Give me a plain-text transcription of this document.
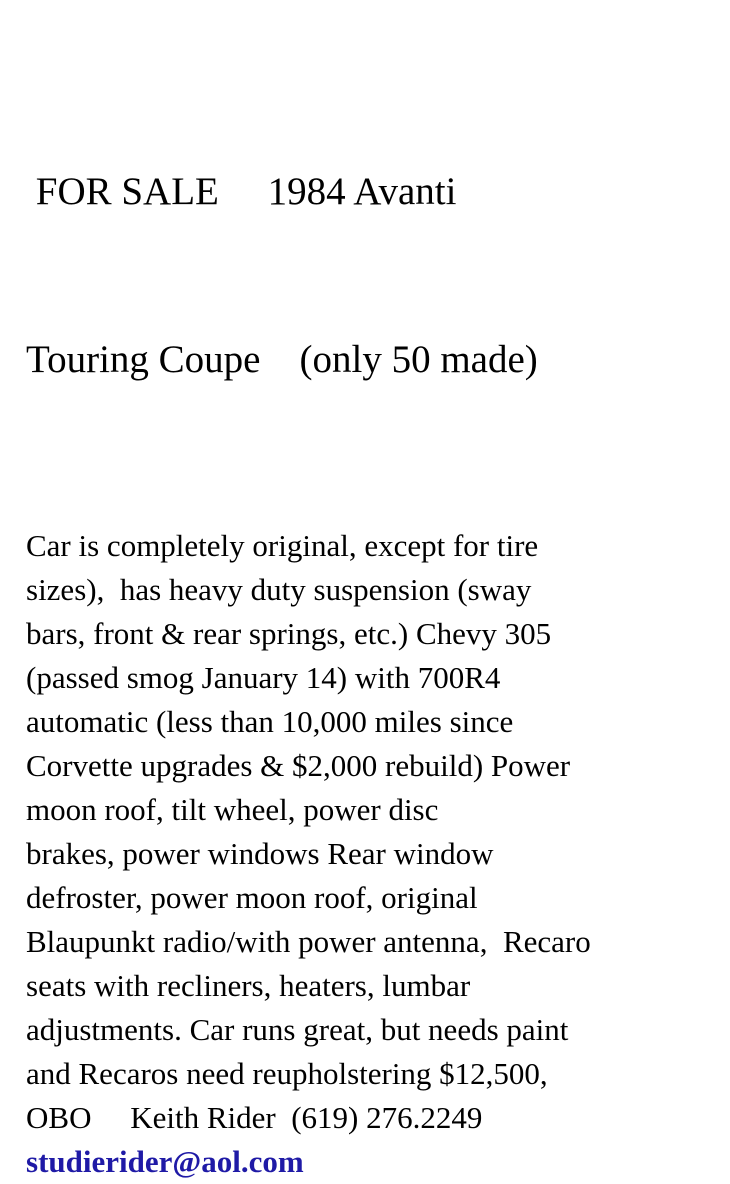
FOR SALE     1984 Avanti

Touring Coupe    (only 50 made)

Car is completely original, except for tire
sizes),  has heavy duty suspension (sway
bars, front & rear springs, etc.) Chevy 305
(passed smog January 14) with 700R4
automatic (less than 10,000 miles since
Corvette upgrades & $2,000 rebuild) Power
moon roof, tilt wheel, power disc
brakes, power windows Rear window
defroster, power moon roof, original
Blaupunkt radio/with power antenna,  Recaro
seats with recliners, heaters, lumbar
adjustments. Car runs great, but needs paint
and Recaros need reupholstering $12,500,
OBO     Keith Rider  (619) 276.2249
studierider@aol.com
